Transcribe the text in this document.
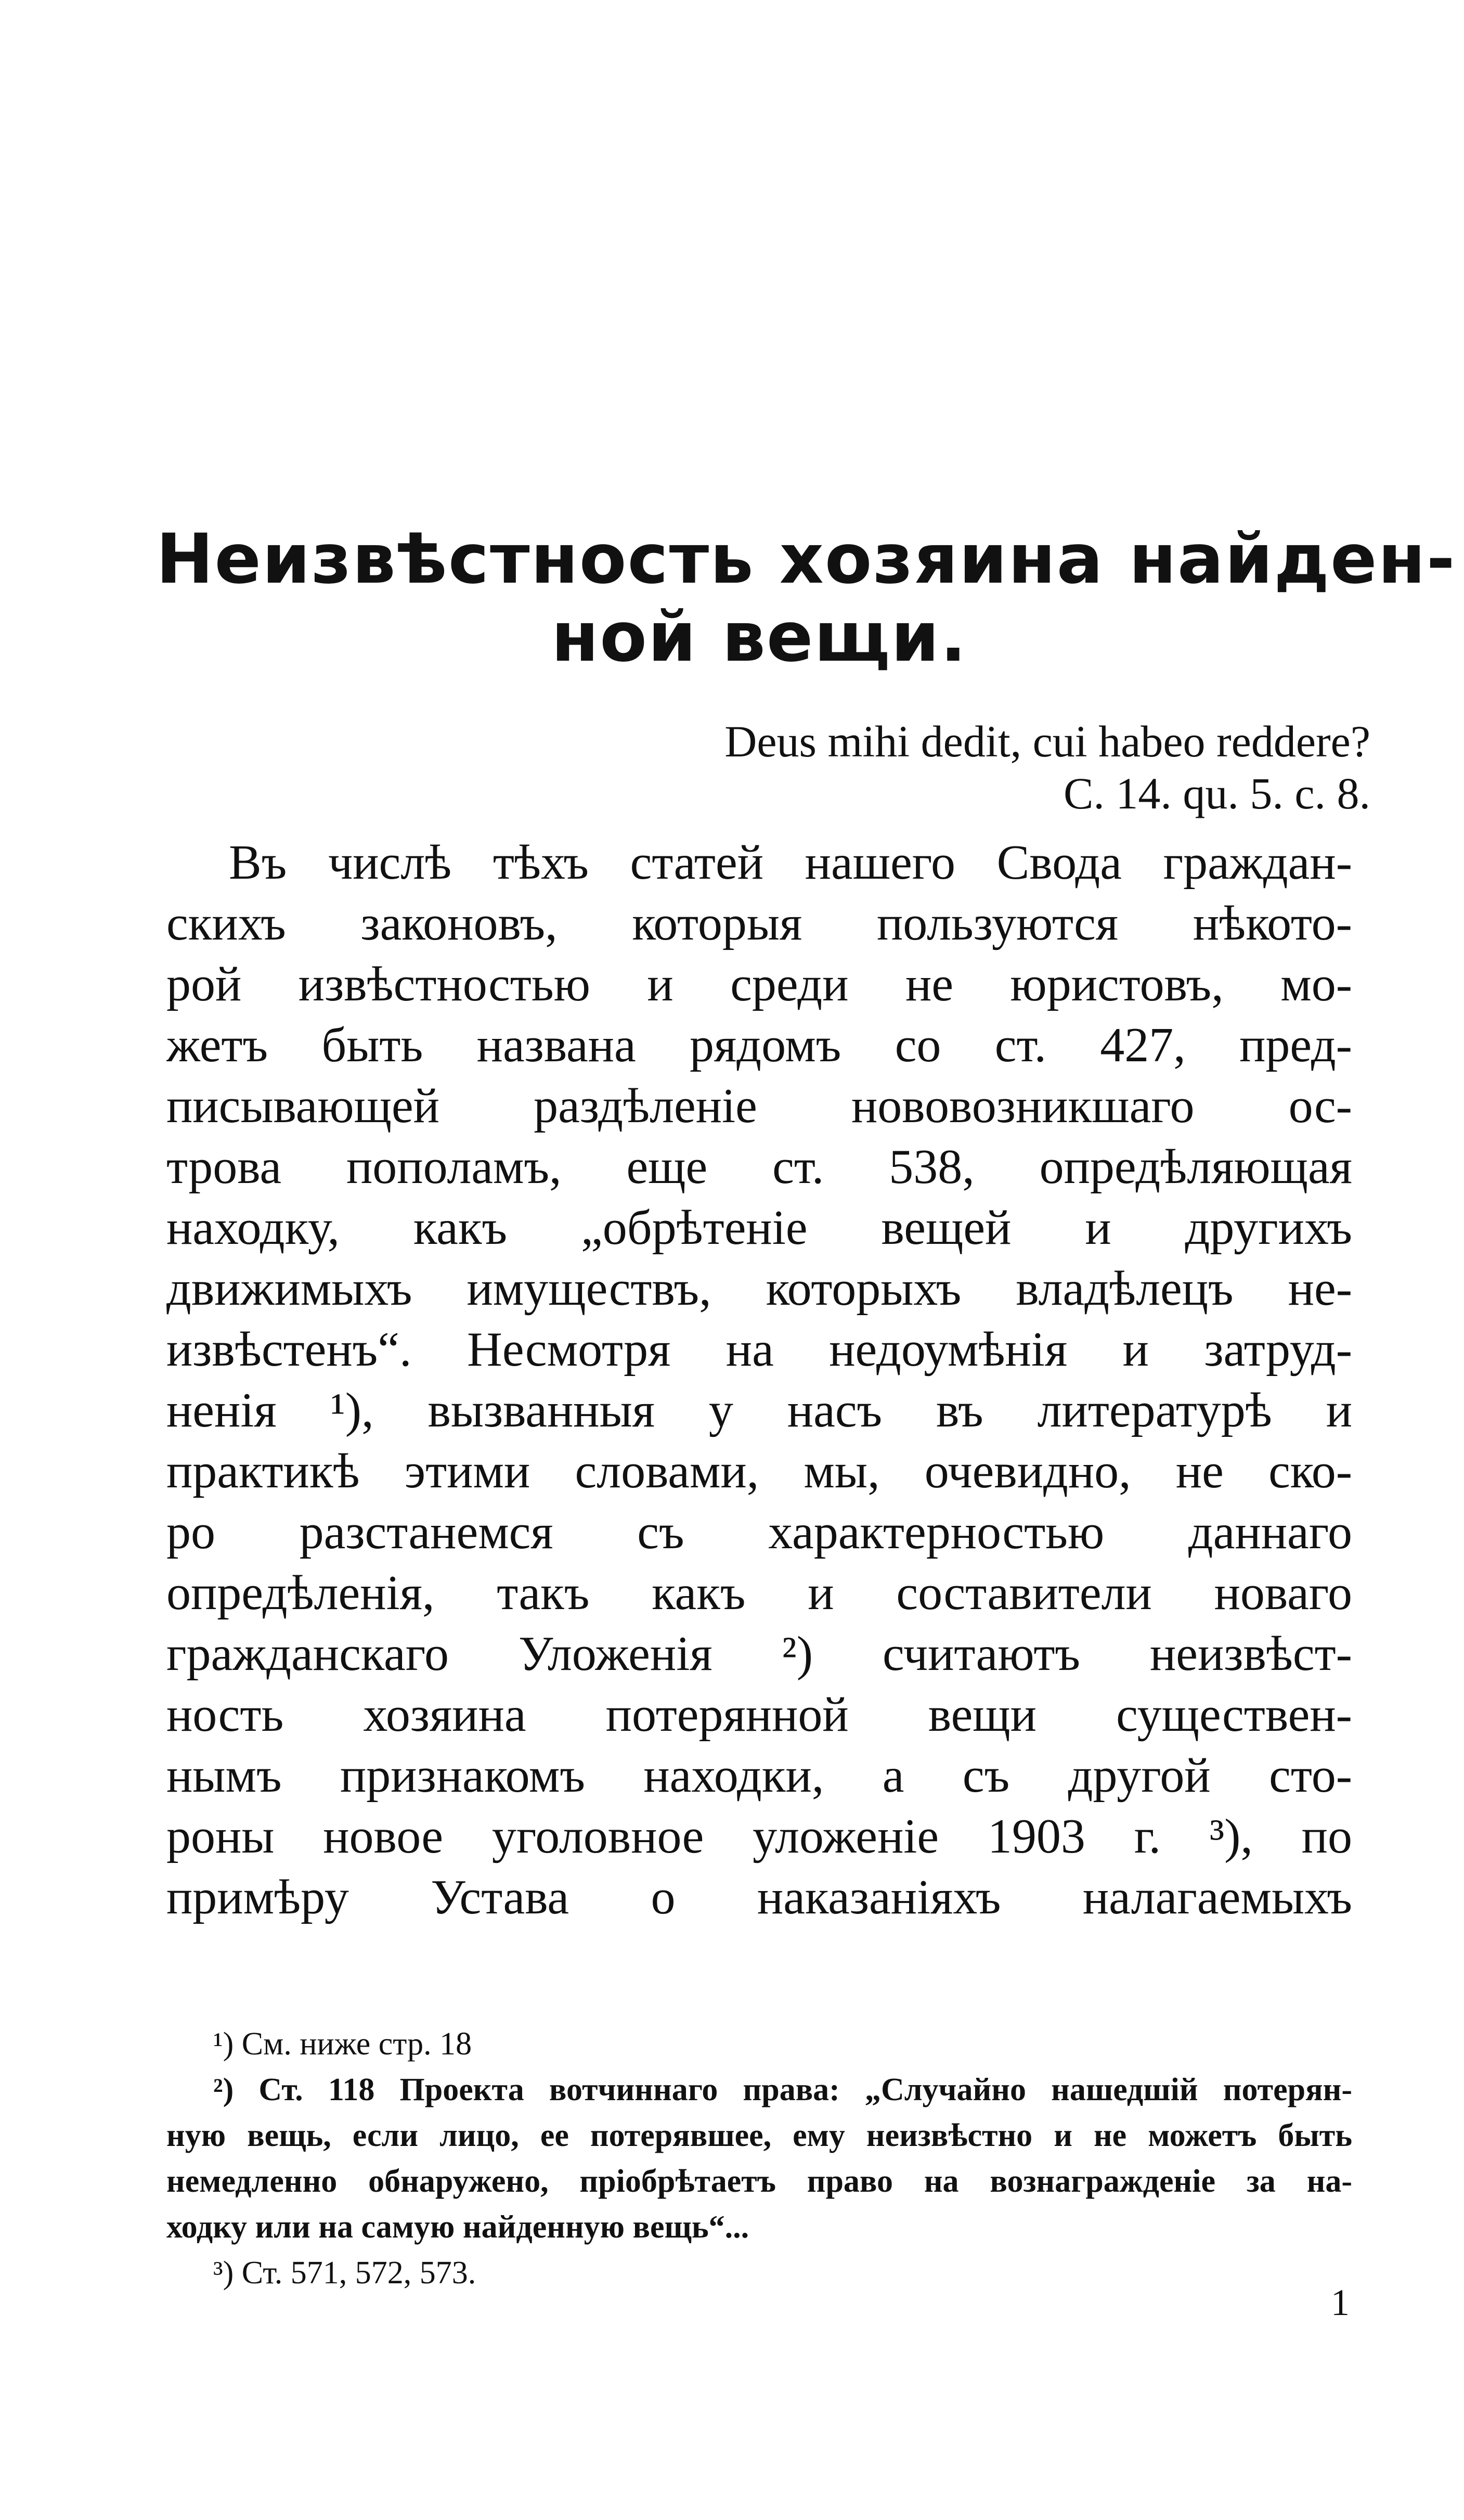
Неизвѣстность хозяина найден-
ной вещи.
Deus mihi dedit, cui habeo reddere?
C. 14. qu. 5. c. 8.
Въ числѣ тѣхъ статей нашего Свода граждан-
скихъ законовъ, которыя пользуются нѣкото-
рой извѣстностью и среди не юристовъ, мо-
жетъ быть названа рядомъ со ст. 427, пред-
писывающей раздѣленіе нововозникшаго ос-
трова пополамъ, еще ст. 538, опредѣляющая
находку, какъ „обрѣтеніе вещей и другихъ
движимыхъ имуществъ, которыхъ владѣлецъ не-
извѣстенъ“. Несмотря на недоумѣнія и затруд-
ненія ¹), вызванныя у насъ въ литературѣ и
практикѣ этими словами, мы, очевидно, не ско-
ро разстанемся съ характерностью даннаго
опредѣленія, такъ какъ и составители новаго
гражданскаго Уложенія ²) считаютъ неизвѣст-
ность хозяина потерянной вещи существен-
нымъ признакомъ находки, а съ другой сто-
роны новое уголовное уложеніе 1903 г. ³), по
примѣру Устава о наказаніяхъ налагаемыхъ
¹) См. ниже стр. 18
²) Ст. 118 Проекта вотчиннаго права: „Случайно нашедшій потерян-
ную вещь, если лицо, ее потерявшее, ему неизвѣстно и не можетъ быть
немедленно обнаружено, пріобрѣтаетъ право на вознагражденіе за на-
ходку или на самую найденную вещь“...
³) Ст. 571, 572, 573.
1
